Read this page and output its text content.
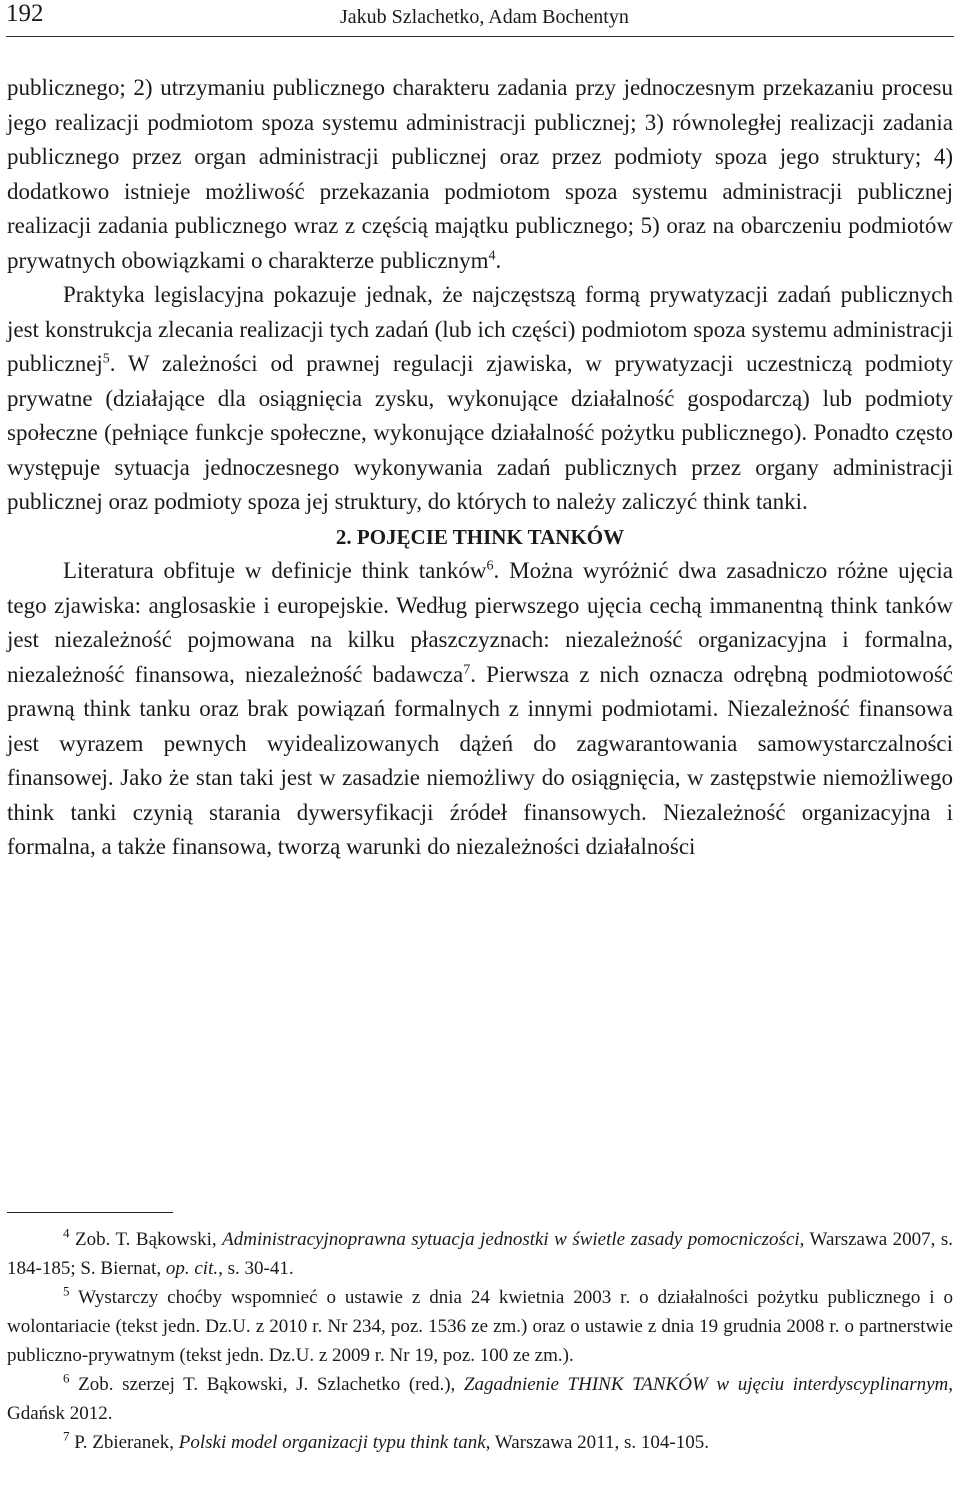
192	Jakub Szlachetko, Adam Bochentyn

publicznego; 2) utrzymaniu publicznego charakteru zadania przy jednoczesnym przekazaniu procesu jego realizacji podmiotom spoza systemu administracji publicznej; 3) równoległej realizacji zadania publicznego przez organ administracji publicznej oraz przez podmioty spoza jego struktury; 4) dodatkowo istnieje możliwość przekazania podmiotom spoza systemu administracji publicznej realizacji zadania publicznego wraz z częścią majątku publicznego; 5) oraz na obarczeniu podmiotów prywatnych obowiązkami o charakterze publicznym$^4$.

Praktyka legislacyjna pokazuje jednak, że najczęstszą formą prywatyzacji zadań publicznych jest konstrukcja zlecania realizacji tych zadań (lub ich części) podmiotom spoza systemu administracji publicznej$^5$. W zależności od prawnej regulacji zjawiska, w prywatyzacji uczestniczą podmioty prywatne (działające dla osiągnięcia zysku, wykonujące działalność gospodarczą) lub podmioty społeczne (pełniące funkcje społeczne, wykonujące działalność pożytku publicznego). Ponadto często występuje sytuacja jednoczesnego wykonywania zadań publicznych przez organy administracji publicznej oraz podmioty spoza jej struktury, do których to należy zaliczyć think tanki.

2. POJĘCIE THINK TANKÓW

Literatura obfituje w definicje think tanków$^6$. Można wyróżnić dwa zasadniczo różne ujęcia tego zjawiska: anglosaskie i europejskie. Według pierwszego ujęcia cechą immanentną think tanków jest niezależność pojmowana na kilku płaszczyznach: niezależność organizacyjna i formalna, niezależność finansowa, niezależność badawcza$^7$. Pierwsza z nich oznacza odrębną podmiotowość prawną think tanku oraz brak powiązań formalnych z innymi podmiotami. Niezależność finansowa jest wyrazem pewnych wyidealizowanych dążeń do zagwarantowania samowystarczalności finansowej. Jako że stan taki jest w zasadzie niemożliwy do osiągnięcia, w zastępstwie niemożliwego think tanki czynią starania dywersyfikacji źródeł finansowych. Niezależność organizacyjna i formalna, a także finansowa, tworzą warunki do niezależności działalności

$^4$ Zob. T. Bąkowski, Administracyjnoprawna sytuacja jednostki w świetle zasady pomocniczości, Warszawa 2007, s. 184-185; S. Biernat, op. cit., s. 30-41.

$^5$ Wystarczy choćby wspomnieć o ustawie z dnia 24 kwietnia 2003 r. o działalności pożytku publicznego i o wolontariacie (tekst jedn. Dz.U. z 2010 r. Nr 234, poz. 1536 ze zm.) oraz o ustawie z dnia 19 grudnia 2008 r. o partnerstwie publiczno-prywatnym (tekst jedn. Dz.U. z 2009 r. Nr 19, poz. 100 ze zm.).

$^6$ Zob. szerzej T. Bąkowski, J. Szlachetko (red.), Zagadnienie THINK TANKÓW w ujęciu interdyscyplinarnym, Gdańsk 2012.

$^7$ P. Zbieranek, Polski model organizacji typu think tank, Warszawa 2011, s. 104-105.
